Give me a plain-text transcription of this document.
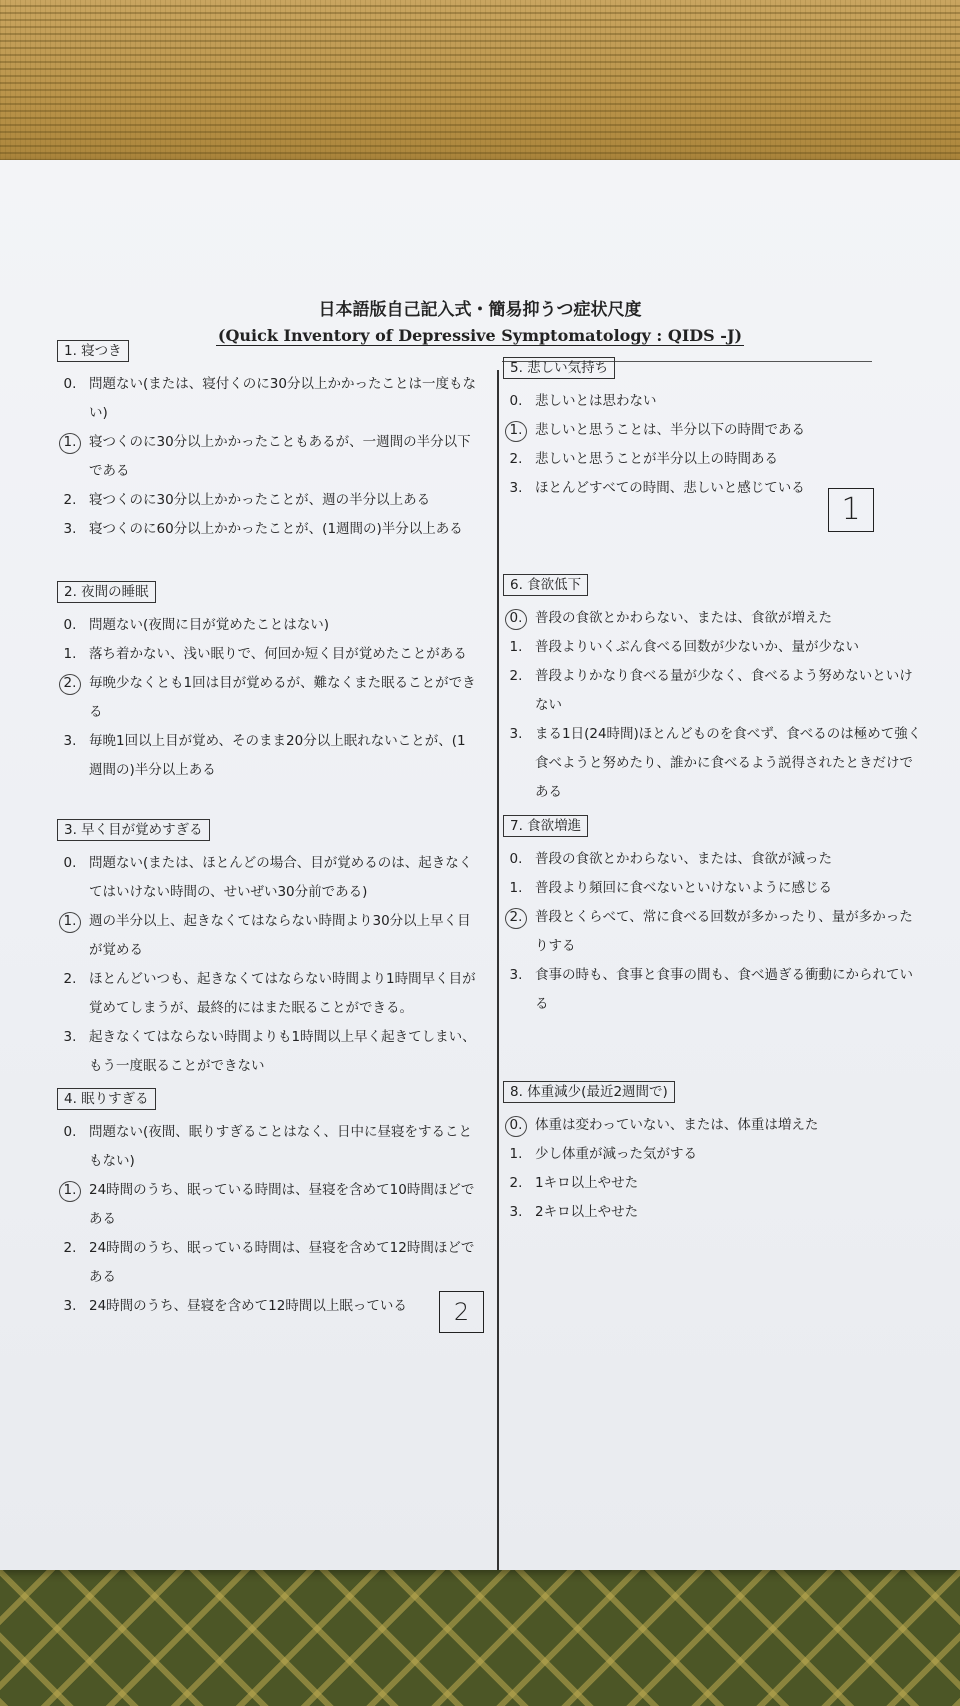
日本語版自己記入式・簡易抑うつ症状尺度
(Quick Inventory of Depressive Symptomatology : QIDS -J)
1. 寝つき
0. 問題ない(または、寝付くのに30分以上かかったことは一度もない)
1. 寝つくのに30分以上かかったこともあるが、一週間の半分以下である
2. 寝つくのに30分以上かかったことが、週の半分以上ある
3. 寝つくのに60分以上かかったことが、(1週間の)半分以上ある
2. 夜間の睡眠
0. 問題ない(夜間に目が覚めたことはない)
1. 落ち着かない、浅い眠りで、何回か短く目が覚めたことがある
2. 毎晩少なくとも1回は目が覚めるが、難なくまた眠ることができる
3. 毎晩1回以上目が覚め、そのまま20分以上眠れないことが、(1週間の)半分以上ある
3. 早く目が覚めすぎる
0. 問題ない(または、ほとんどの場合、目が覚めるのは、起きなくてはいけない時間の、せいぜい30分前である)
1. 週の半分以上、起きなくてはならない時間より30分以上早く目が覚める
2. ほとんどいつも、起きなくてはならない時間より1時間早く目が覚めてしまうが、最終的にはまた眠ることができる。
3. 起きなくてはならない時間よりも1時間以上早く起きてしまい、もう一度眠ることができない
4. 眠りすぎる
0. 問題ない(夜間、眠りすぎることはなく、日中に昼寝をすることもない)
1. 24時間のうち、眠っている時間は、昼寝を含めて10時間ほどである
2. 24時間のうち、眠っている時間は、昼寝を含めて12時間ほどである
3. 24時間のうち、昼寝を含めて12時間以上眠っている
5. 悲しい気持ち
0. 悲しいとは思わない
1. 悲しいと思うことは、半分以下の時間である
2. 悲しいと思うことが半分以上の時間ある
3. ほとんどすべての時間、悲しいと感じている
6. 食欲低下
0. 普段の食欲とかわらない、または、食欲が増えた
1. 普段よりいくぶん食べる回数が少ないか、量が少ない
2. 普段よりかなり食べる量が少なく、食べるよう努めないといけない
3. まる1日(24時間)ほとんどものを食べず、食べるのは極めて強く食べようと努めたり、誰かに食べるよう説得されたときだけである
7. 食欲増進
0. 普段の食欲とかわらない、または、食欲が減った
1. 普段より頻回に食べないといけないように感じる
2. 普段とくらべて、常に食べる回数が多かったり、量が多かったりする
3. 食事の時も、食事と食事の間も、食べ過ぎる衝動にかられている
8. 体重減少(最近2週間で)
0. 体重は変わっていない、または、体重は増えた
1. 少し体重が減った気がする
2. 1キロ以上やせた
3. 2キロ以上やせた
1
2
